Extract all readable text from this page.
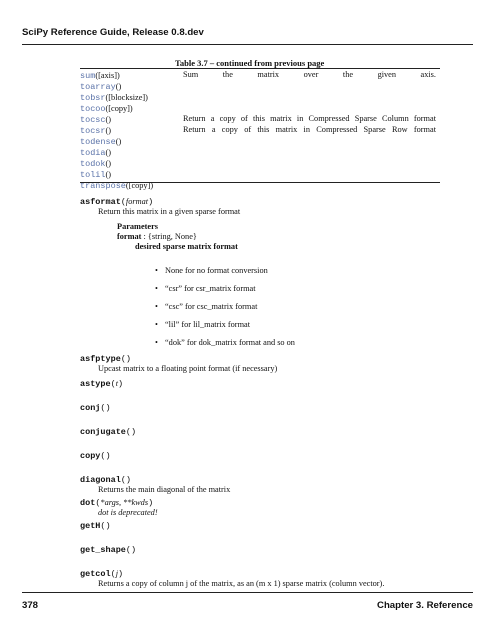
SciPy Reference Guide, Release 0.8.dev
Table 3.7 – continued from previous page
sum([axis])	Sum the matrix over the given axis.
toarray()
tobsr([blocksize])
tocoo([copy])
tocsc()	Return a copy of this matrix in Compressed Sparse Column format
tocsr()	Return a copy of this matrix in Compressed Sparse Row format
todense()
todia()
todok()
tolil()
transpose([copy])
asformat(format)
Return this matrix in a given sparse format
Parameters
format : {string, None}
desired sparse matrix format
• None for no format conversion
• “csr” for csr_matrix format
• “csc” for csc_matrix format
• “lil” for lil_matrix format
• “dok” for dok_matrix format and so on
asfptype()
Upcast matrix to a floating point format (if necessary)
astype(t)
conj()
conjugate()
copy()
diagonal()
Returns the main diagonal of the matrix
dot(*args, **kwds)
dot is deprecated!
getH()
get_shape()
getcol(j)
Returns a copy of column j of the matrix, as an (m x 1) sparse matrix (column vector).
378	Chapter 3. Reference
